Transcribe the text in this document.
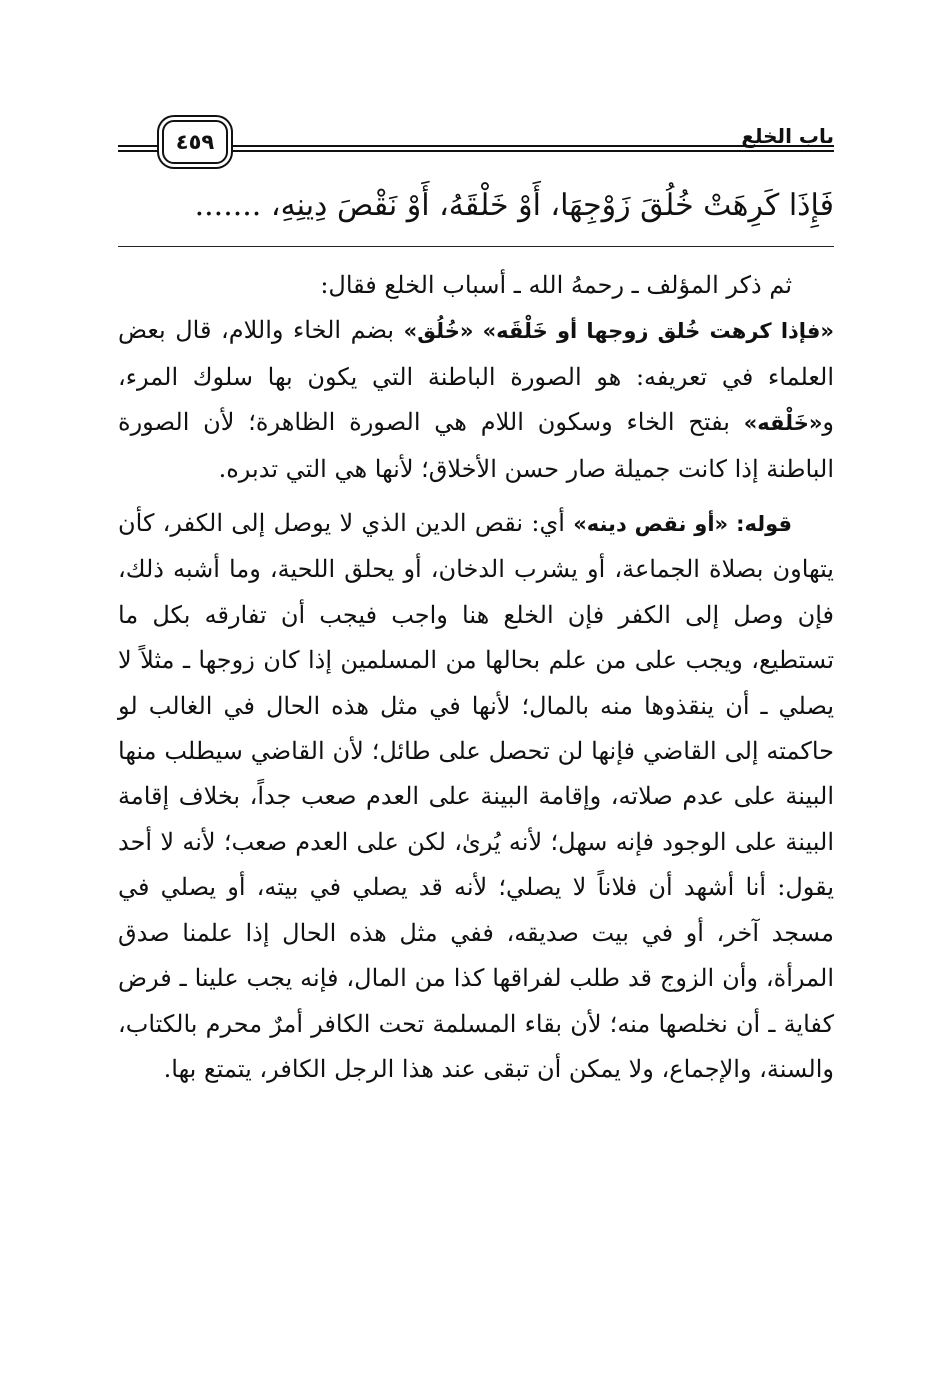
باب الخلع
٤٥٩
فَإِذَا كَرِهَتْ خُلُقَ زَوْجِهَا، أَوْ خَلْقَهُ، أَوْ نَقْصَ دِينِهِ، .......

ثم ذكر المؤلف ـ رحمهُ الله ـ أسباب الخلع فقال:

«فإذا كرهت خُلق زوجها أو خَلْقَه» «خُلُق» بضم الخاء واللام، قال بعض العلماء في تعريفه: هو الصورة الباطنة التي يكون بها سلوك المرء، و«خَلْقه» بفتح الخاء وسكون اللام هي الصورة الظاهرة؛ لأن الصورة الباطنة إذا كانت جميلة صار حسن الأخلاق؛ لأنها هي التي تدبره.

قوله: «أو نقص دينه» أي: نقص الدين الذي لا يوصل إلى الكفر، كأن يتهاون بصلاة الجماعة، أو يشرب الدخان، أو يحلق اللحية، وما أشبه ذلك، فإن وصل إلى الكفر فإن الخلع هنا واجب فيجب أن تفارقه بكل ما تستطيع، ويجب على من علم بحالها من المسلمين إذا كان زوجها ـ مثلاً لا يصلي ـ أن ينقذوها منه بالمال؛ لأنها في مثل هذه الحال في الغالب لو حاكمته إلى القاضي فإنها لن تحصل على طائل؛ لأن القاضي سيطلب منها البينة على عدم صلاته، وإقامة البينة على العدم صعب جداً، بخلاف إقامة البينة على الوجود فإنه سهل؛ لأنه يُرىٰ، لكن على العدم صعب؛ لأنه لا أحد يقول: أنا أشهد أن فلاناً لا يصلي؛ لأنه قد يصلي في بيته، أو يصلي في مسجد آخر، أو في بيت صديقه، ففي مثل هذه الحال إذا علمنا صدق المرأة، وأن الزوج قد طلب لفراقها كذا من المال، فإنه يجب علينا ـ فرض كفاية ـ أن نخلصها منه؛ لأن بقاء المسلمة تحت الكافر أمرٌ محرم بالكتاب، والسنة، والإجماع، ولا يمكن أن تبقى عند هذا الرجل الكافر، يتمتع بها.
